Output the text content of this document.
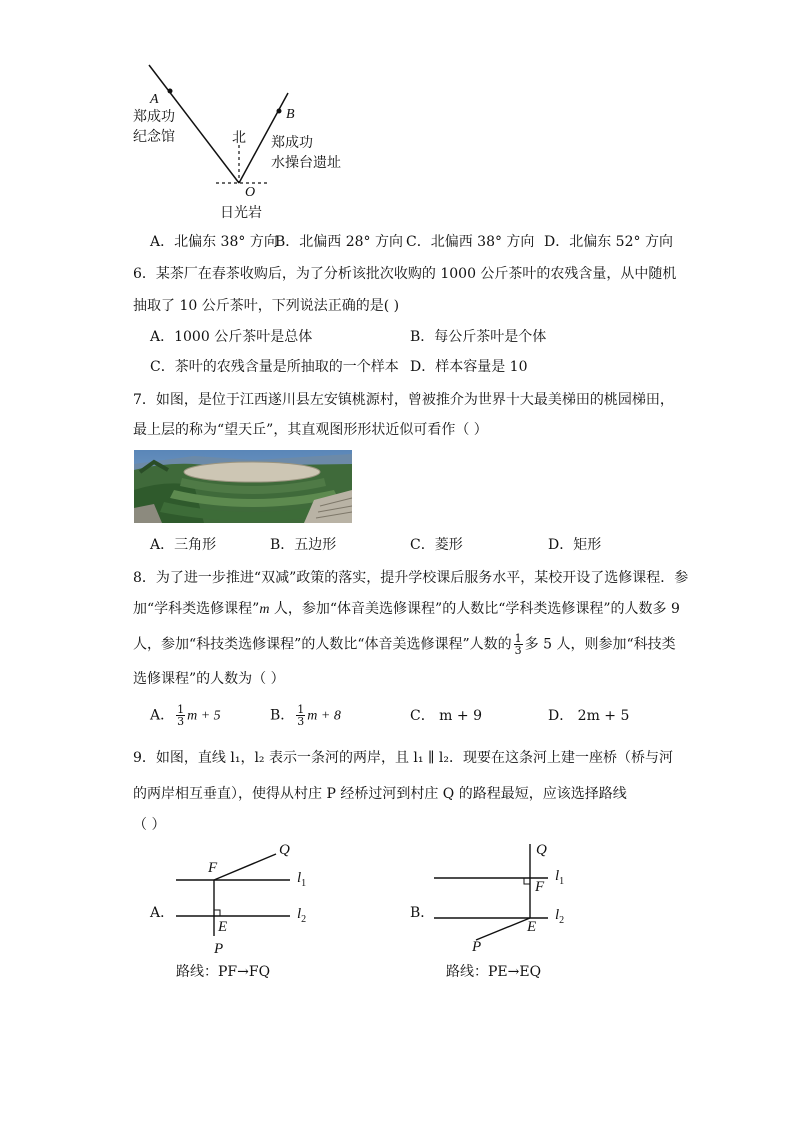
A
郑成功
纪念馆	北
B
郑成功
水操台遗址
O
日光岩
A．北偏东 38° 方向
B．北偏西 28° 方向 C．北偏西 38° 方向 D．北偏东 52° 方向
6．某茶厂在春茶收购后，为了分析该批次收购的 1000 公斤茶叶的农残含量，从中随机
抽取了 10 公斤茶叶，下列说法正确的是( )
A．1000 公斤茶叶是总体	B．每公斤茶叶是个体
C．茶叶的农残含量是所抽取的一个样本 D．样本容量是 10
7．如图，是位于江西遂川县左安镇桃源村，曾被推介为世界十大最美梯田的桃园梯田，
最上层的称为“望天丘”，其直观图形形状近似可看作（ ）
A．三角形	B．五边形	C．菱形	D．矩形
8．为了进一步推进“双减”政策的落实，提升学校课后服务水平，某校开设了选修课程．参
加“学科类选修课程”m 人，参加“体音美选修课程”的人数比“学科类选修课程”的人数多 9
人，参加“科技类选修课程”的人数比“体音美选修课程”人数的 $\frac{1}{3}$ 多 5 人，则参加“科技类
选修课程”的人数为（ ）
A． $\frac{1}{3}$ m + 5	B． $\frac{1}{3}$ m + 8	C． m + 9	D． 2m + 5
9．如图，直线 l₁，l₂ 表示一条河的两岸，且 l₁ ∥ l₂．现要在这条河上建一座桥（桥与河
的两岸相互垂直），使得从村庄 P 经桥过河到村庄 Q 的路程最短，应该选择路线
（ ）
A．
F
Q
E
P
$l_1$
$l_2$
路线：PF→FQ
B．
Q
F
E
P
$l_1$
$l_2$
路线：PE→EQ
